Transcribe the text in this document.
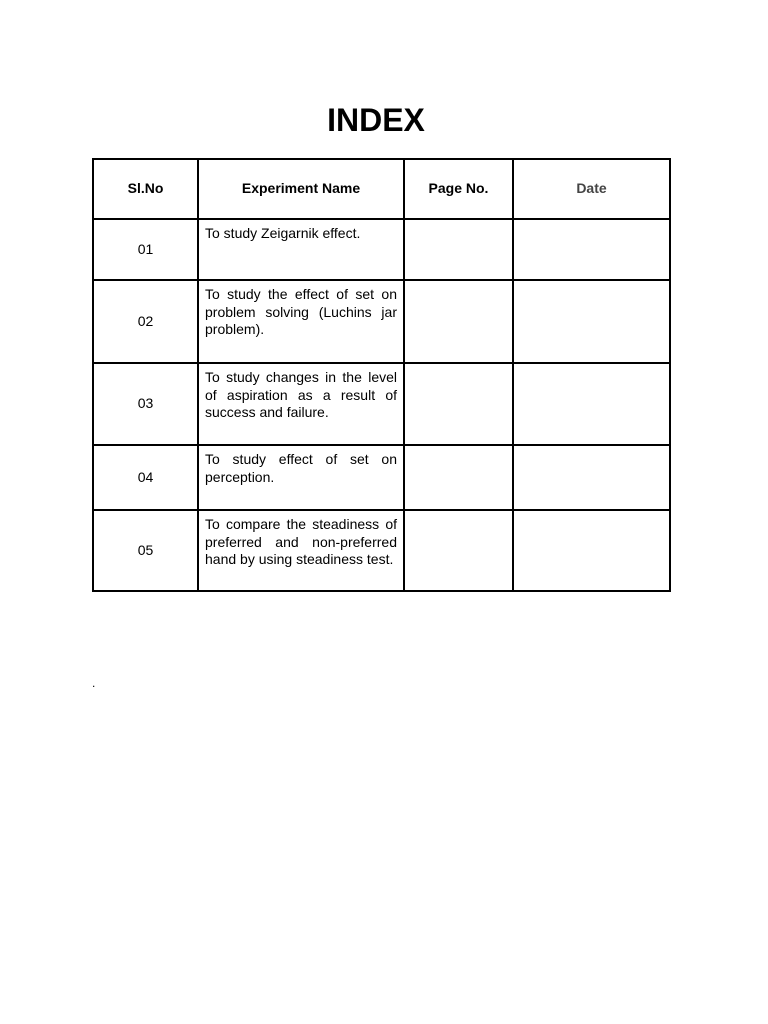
INDEX
Sl.No	Experiment Name	Page No.	Date
01	To study Zeigarnik effect.		
02	To study the effect of set on problem solving (Luchins jar problem).		
03	To study changes in the level of aspiration as a result of success and failure.		
04	To study effect of set on perception.		
05	To compare the steadiness of preferred and non-preferred hand by using steadiness test.		
.
